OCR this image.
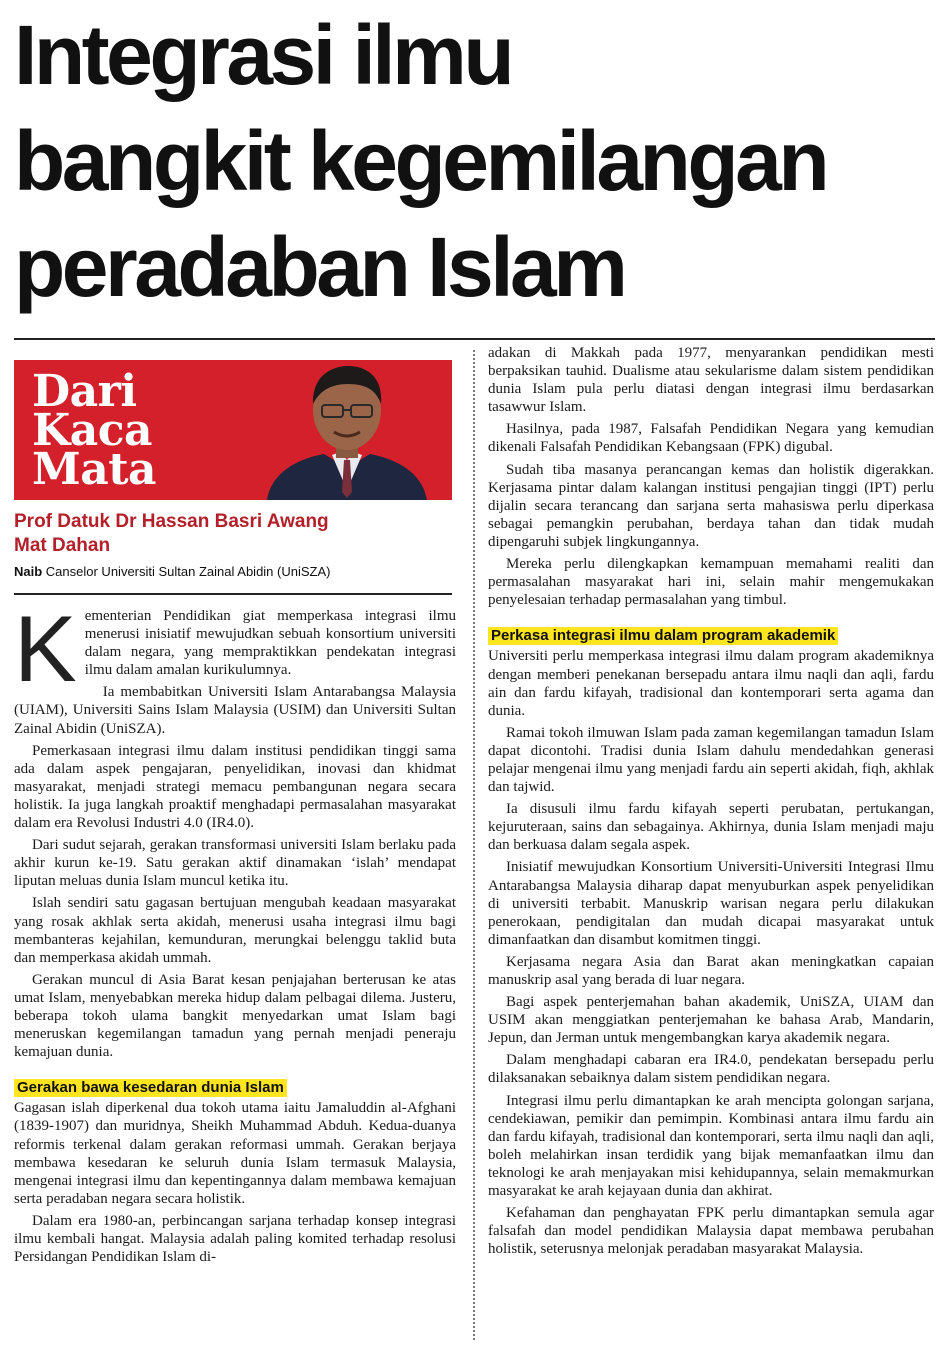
Integrasi ilmu
bangkit kegemilangan
peradaban Islam
Dari
Kaca
Mata
Prof Datuk Dr Hassan Basri Awang
Mat Dahan
Naib Canselor Universiti Sultan Zainal Abidin (UniSZA)

Kementerian Pendidikan giat memperkasa integrasi ilmu menerusi inisiatif mewujudkan sebuah konsortium universiti dalam negara, yang mempraktikkan pendekatan integrasi ilmu dalam amalan kurikulumnya.

Ia membabitkan Universiti Islam Antarabangsa Malaysia (UIAM), Universiti Sains Islam Malaysia (USIM) dan Universiti Sultan Zainal Abidin (UniSZA).

Pemerkasaan integrasi ilmu dalam institusi pendidikan tinggi sama ada dalam aspek pengajaran, penyelidikan, inovasi dan khidmat masyarakat, menjadi strategi memacu pembangunan negara secara holistik. Ia juga langkah proaktif menghadapi permasalahan masyarakat dalam era Revolusi Industri 4.0 (IR4.0).

Dari sudut sejarah, gerakan transformasi universiti Islam berlaku pada akhir kurun ke-19. Satu gerakan aktif dinamakan ‘islah’ mendapat liputan meluas dunia Islam muncul ketika itu.

Islah sendiri satu gagasan bertujuan mengubah keadaan masyarakat yang rosak akhlak serta akidah, menerusi usaha integrasi ilmu bagi membanteras kejahilan, kemunduran, merungkai belenggu taklid buta dan memperkasa akidah ummah.

Gerakan muncul di Asia Barat kesan penjajahan berterusan ke atas umat Islam, menyebabkan mereka hidup dalam pelbagai dilema. Justeru, beberapa tokoh ulama bangkit menyedarkan umat Islam bagi meneruskan kegemilangan tamadun yang pernah menjadi peneraju kemajuan dunia.

Gerakan bawa kesedaran dunia Islam

Gagasan islah diperkenal dua tokoh utama iaitu Jamaluddin al-Afghani (1839-1907) dan muridnya, Sheikh Muhammad Abduh. Kedua-duanya reformis terkenal dalam gerakan reformasi ummah. Gerakan berjaya membawa kesedaran ke seluruh dunia Islam termasuk Malaysia, mengenai integrasi ilmu dan kepentingannya dalam membawa kemajuan serta peradaban negara secara holistik.

Dalam era 1980-an, perbincangan sarjana terhadap konsep integrasi ilmu kembali hangat. Malaysia adalah paling komited terhadap resolusi Persidangan Pendidikan Islam di-

adakan di Makkah pada 1977, menyarankan pendidikan mesti berpaksikan tauhid. Dualisme atau sekularisme dalam sistem pendidikan dunia Islam pula perlu diatasi dengan integrasi ilmu berdasarkan tasawwur Islam.

Hasilnya, pada 1987, Falsafah Pendidikan Negara yang kemudian dikenali Falsafah Pendidikan Kebangsaan (FPK) digubal.

Sudah tiba masanya perancangan kemas dan holistik digerakkan. Kerjasama pintar dalam kalangan institusi pengajian tinggi (IPT) perlu dijalin secara terancang dan sarjana serta mahasiswa perlu diperkasa sebagai pemangkin perubahan, berdaya tahan dan tidak mudah dipengaruhi subjek lingkungannya.

Mereka perlu dilengkapkan kemampuan memahami realiti dan permasalahan masyarakat hari ini, selain mahir mengemukakan penyelesaian terhadap permasalahan yang timbul.

Perkasa integrasi ilmu dalam program akademik

Universiti perlu memperkasa integrasi ilmu dalam program akademiknya dengan memberi penekanan bersepadu antara ilmu naqli dan aqli, fardu ain dan fardu kifayah, tradisional dan kontemporari serta agama dan dunia.

Ramai tokoh ilmuwan Islam pada zaman kegemilangan tamadun Islam dapat dicontohi. Tradisi dunia Islam dahulu mendedahkan generasi pelajar mengenai ilmu yang menjadi fardu ain seperti akidah, fiqh, akhlak dan tajwid.

Ia disusuli ilmu fardu kifayah seperti perubatan, pertukangan, kejuruteraan, sains dan sebagainya. Akhirnya, dunia Islam menjadi maju dan berkuasa dalam segala aspek.

Inisiatif mewujudkan Konsortium Universiti-Universiti Integrasi Ilmu Antarabangsa Malaysia diharap dapat menyuburkan aspek penyelidikan di universiti terbabit. Manuskrip warisan negara perlu dilakukan penerokaan, pendigitalan dan mudah dicapai masyarakat untuk dimanfaatkan dan disambut komitmen tinggi.

Kerjasama negara Asia dan Barat akan meningkatkan capaian manuskrip asal yang berada di luar negara.

Bagi aspek penterjemahan bahan akademik, UniSZA, UIAM dan USIM akan menggiatkan penterjemahan ke bahasa Arab, Mandarin, Jepun, dan Jerman untuk mengembangkan karya akademik negara.

Dalam menghadapi cabaran era IR4.0, pendekatan bersepadu perlu dilaksanakan sebaiknya dalam sistem pendidikan negara.

Integrasi ilmu perlu dimantapkan ke arah mencipta golongan sarjana, cendekiawan, pemikir dan pemimpin. Kombinasi antara ilmu fardu ain dan fardu kifayah, tradisional dan kontemporari, serta ilmu naqli dan aqli, boleh melahirkan insan terdidik yang bijak memanfaatkan ilmu dan teknologi ke arah menjayakan misi kehidupannya, selain memakmurkan masyarakat ke arah kejayaan dunia dan akhirat.

Kefahaman dan penghayatan FPK perlu dimantapkan semula agar falsafah dan model pendidikan Malaysia dapat membawa perubahan holistik, seterusnya melonjak peradaban masyarakat Malaysia.
